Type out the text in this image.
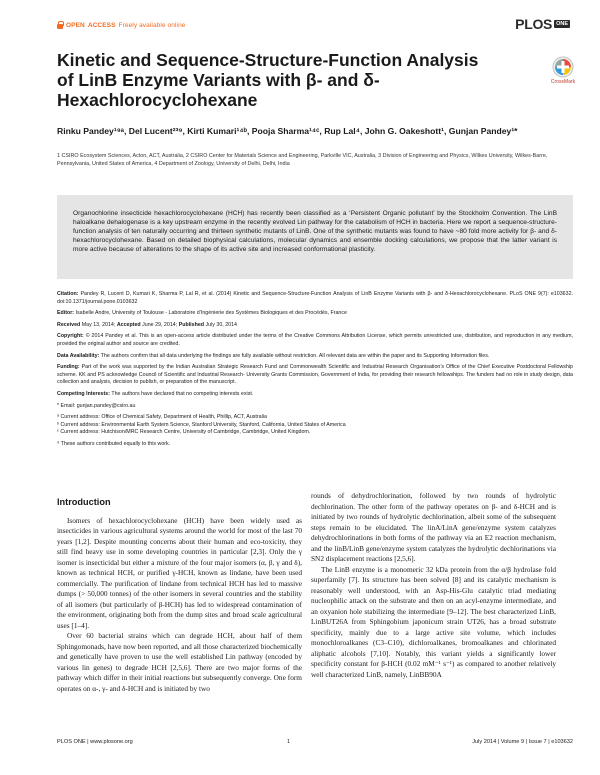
OPEN ACCESS Freely available online	PLOS ONE
Kinetic and Sequence-Structure-Function Analysis of LinB Enzyme Variants with β- and δ-Hexachlorocyclohexane
CrossMark
Rinku Pandey¹⁹ᵃ, Del Lucent²³⁹, Kirti Kumari¹⁴ᵇ, Pooja Sharma¹⁴ᶜ, Rup Lal⁴, John G. Oakeshott¹, Gunjan Pandey¹*
1 CSIRO Ecosystem Sciences, Acton, ACT, Australia, 2 CSIRO Center for Materials Science and Engineering, Parkville VIC, Australia, 3 Division of Engineering and Physics, Wilkes University, Wilkes-Barre, Pennsylvania, United States of America, 4 Department of Zoology, University of Delhi, Delhi, India

Organochlorine insecticide hexachlorocyclohexane (HCH) has recently been classified as a ‘Persistent Organic pollutant’ by the Stockholm Convention. The LinB haloalkane dehalogenase is a key upstream enzyme in the recently evolved Lin pathway for the catabolism of HCH in bacteria. Here we report a sequence-structure-function analysis of ten naturally occurring and thirteen synthetic mutants of LinB. One of the synthetic mutants was found to have ~80 fold more activity for β- and δ-hexachlorocyclohexane. Based on detailed biophysical calculations, molecular dynamics and ensemble docking calculations, we propose that the latter variant is more active because of alterations to the shape of its active site and increased conformational plasticity.

Citation: Pandey R, Lucent D, Kumari K, Sharma P, Lal R, et al. (2014) Kinetic and Sequence-Structure-Function Analysis of LinB Enzyme Variants with β- and δ-Hexachlorocyclohexane. PLoS ONE 9(7): e103632. doi:10.1371/journal.pone.0103632
Editor: Isabelle Andre, University of Toulouse - Laboratoire d’Ingénierie des Systèmes Biologiques et des Procédés, France
Received May 13, 2014; Accepted June 29, 2014; Published July 30, 2014
Copyright: © 2014 Pandey et al. This is an open-access article distributed under the terms of the Creative Commons Attribution License, which permits unrestricted use, distribution, and reproduction in any medium, provided the original author and source are credited.
Data Availability: The authors confirm that all data underlying the findings are fully available without restriction. All relevant data are within the paper and its Supporting Information files.
Funding: Part of the work was supported by the Indian Australian Strategic Research Fund and Commonwealth Scientific and Industrial Research Organisation’s Office of the Chief Executive Postdoctoral Fellowship scheme. KK and PS acknowledge Council of Scientific and Industrial Research- University Grants Commission, Government of India, for providing their research fellowships. The funders had no role in study design, data collection and analysis, decision to publish, or preparation of the manuscript.
Competing Interests: The authors have declared that no competing interests exist.
* Email: gunjan.pandey@csiro.au
ᵃ Current address: Office of Chemical Safety, Department of Health, Phillip, ACT, Australia
ᵇ Current address: Environmental Earth System Science, Stanford University, Stanford, California, United States of America
ᶜ Current address: Hutchison/MRC Research Centre, University of Cambridge, Cambridge, United Kingdom.
⁹ These authors contributed equally to this work.
Introduction

Isomers of hexachlorocyclohexane (HCH) have been widely used as insecticides in various agricultural systems around the world for most of the last 70 years [1,2]. Despite mounting concerns about their human and eco-toxicity, they still find heavy use in some developing countries in particular [2,3]. Only the γ isomer is insecticidal but either a mixture of the four major isomers (α, β, γ and δ), known as technical HCH, or purified γ-HCH, known as lindane, have been used commercially. The purification of lindane from technical HCH has led to massive dumps (> 50,000 tonnes) of the other isomers in several countries and the stability of all isomers (but particularly of β-HCH) has led to widespread contamination of the environment, originating both from the dump sites and broad scale agricultural uses [1–4].

Over 60 bacterial strains which can degrade HCH, about half of them Sphingomonads, have now been reported, and all those characterized biochemically and genetically have proven to use the well established Lin pathway (encoded by various lin genes) to degrade HCH [2,5,6]. There are two major forms of the pathway which differ in their initial reactions but subsequently converge. One form operates on α-, γ- and δ-HCH and is initiated by two

rounds of dehydrochlorination, followed by two rounds of hydrolytic dechlorination. The other form of the pathway operates on β- and δ-HCH and is initiated by two rounds of hydrolytic dechlorination, albeit some of the subsequent steps remain to be elucidated. The linA/LinA gene/enzyme system catalyzes dehydrochlorinations in both forms of the pathway via an E2 reaction mechanism, and the linB/LinB gene/enzyme system catalyzes the hydrolytic dechlorinations via SN2 displacement reactions [2,5,6].

The LinB enzyme is a monomeric 32 kDa protein from the α/β hydrolase fold superfamily [7]. Its structure has been solved [8] and its catalytic mechanism is reasonably well understood, with an Asp-His-Glu catalytic triad mediating nucleophilic attack on the substrate and then on an acyl-enzyme intermediate, and an oxyanion hole stabilizing the intermediate [9–12]. The best characterized LinB, LinBUT26A from Sphingobium japonicum strain UT26, has a broad substrate specificity, mainly due to a large active site volume, which includes monochloroalkanes (C3–C10), dichloroalkanes, bromoalkanes and chlorinated aliphatic alcohols [7,10]. Notably, this variant yields a significantly lower specificity constant for β-HCH (0.02 mM⁻¹ s⁻¹) as compared to another relatively well characterized LinB, namely, LinBB90A

PLOS ONE | www.plosone.org	1	July 2014 | Volume 9 | Issue 7 | e103632
